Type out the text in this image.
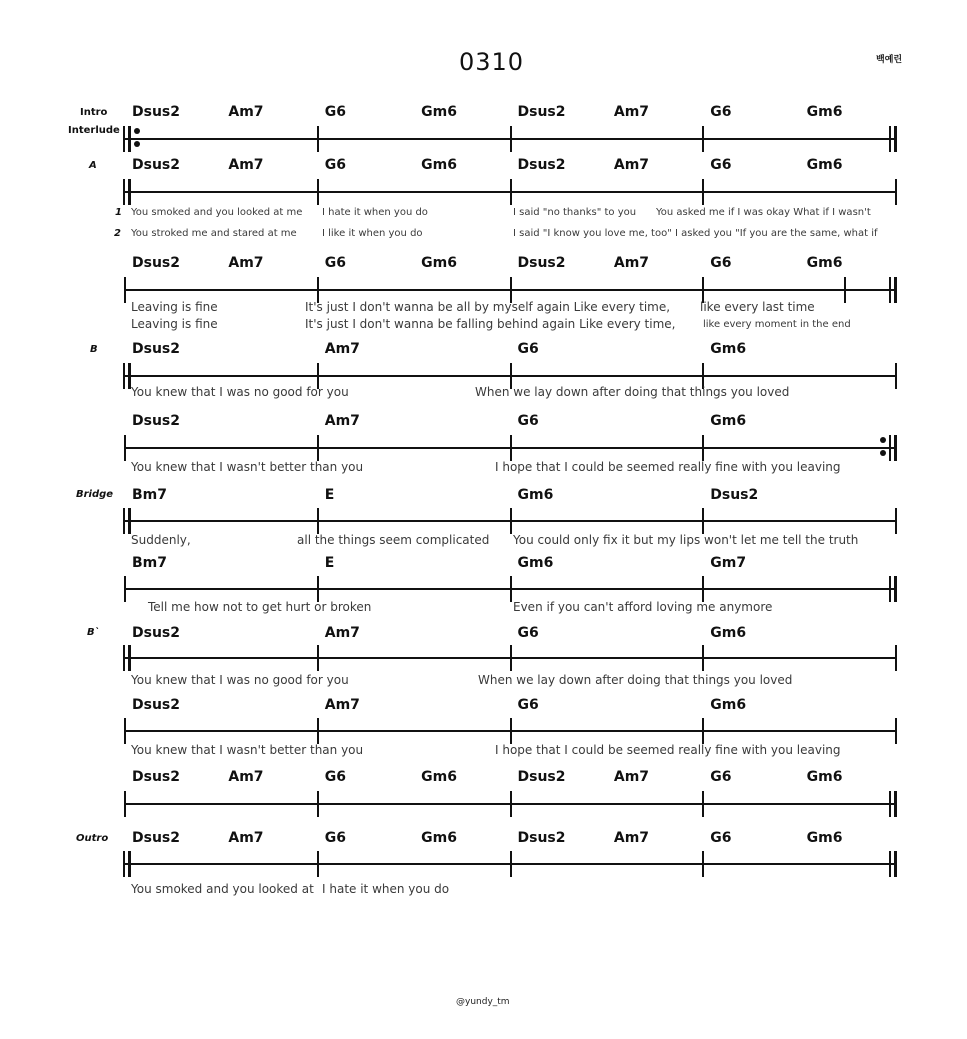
0310	백예린
@yundy_tm
Dsus2	Am7	G6	Gm6	Dsus2	Am7	G6	Gm6
Intro
Interlude
Dsus2	Am7	G6	Gm6	Dsus2	Am7	G6	Gm6
A
1
2
You smoked and you looked at me I hate it when you do	I said "no thanks" to you You asked me if I was okay What if I wasn't
You stroked me and stared at me	I like it when you do	I said "I know you love me, too" I asked you "If you are the same, what if
Dsus2	Am7	G6	Gm6	Dsus2	Am7	G6	Gm6
Leaving is fine	It's just I don't wanna be all by myself again Like every time, like every last time
Leaving is fine	It's just I don't wanna be falling behind again Like every time,	like every moment in the end
Dsus2	Am7	G6	Gm6
B
You knew that I was no good for you	When we lay down after doing that things you loved
Dsus2	Am7	G6	Gm6
You knew that I wasn't better than you	I hope that I could be seemed really fine with you leaving
Bm7	E	Gm6	Dsus2
Bridge
Suddenly,	all the things seem complicated You could only fix it but my lips won't let me tell the truth
Bm7	E	Gm6	Gm7
Tell me how not to get hurt or broken	Even if you can't afford loving me anymore
Dsus2	Am7	G6	Gm6
B`
You knew that I was no good for you	When we lay down after doing that things you loved
Dsus2	Am7	G6	Gm6
You knew that I wasn't better than you	I hope that I could be seemed really fine with you leaving
Dsus2	Am7	G6	Gm6	Dsus2	Am7	G6	Gm6
Dsus2	Am7	G6	Gm6	Dsus2	Am7	G6	Gm6
Outro
You smoked and you looked at I hate it when you do
